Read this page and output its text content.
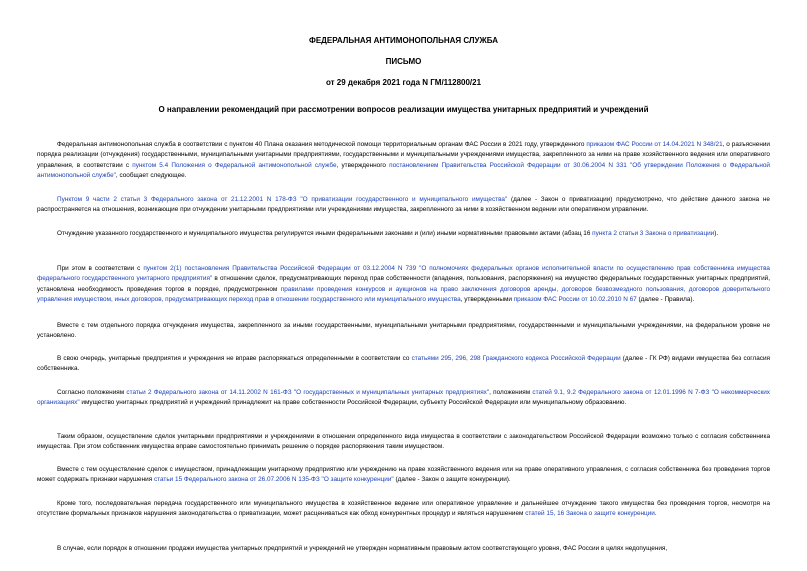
ФЕДЕРАЛЬНАЯ АНТИМОНОПОЛЬНАЯ СЛУЖБА
ПИСЬМО
от 29 декабря 2021 года N ГМ/112800/21
О направлении рекомендаций при рассмотрении вопросов реализации имущества унитарных предприятий и учреждений
Федеральная антимонопольная служба в соответствии с пунктом 40 Плана оказания методической помощи территориальным органам ФАС России в 2021 году, утвержденного приказом ФАС России от 14.04.2021 N 348/21, о разъяснении порядка реализации (отчуждения) государственными, муниципальными унитарными предприятиями, государственными и муниципальными учреждениями имущества, закрепленного за ними на праве хозяйственного ведения или оперативного управления, в соответствии с пунктом 5.4 Положения о Федеральной антимонопольной службе, утвержденного постановлением Правительства Российской Федерации от 30.06.2004 N 331 "Об утверждении Положения о Федеральной антимонопольной службе", сообщает следующее.
Пунктом 9 части 2 статьи 3 Федерального закона от 21.12.2001 N 178-ФЗ "О приватизации государственного и муниципального имущества" (далее - Закон о приватизации) предусмотрено, что действие данного закона не распространяется на отношения, возникающие при отчуждении унитарными предприятиями или учреждениями имущества, закрепленного за ними в хозяйственном ведении или оперативном управлении.
Отчуждение указанного государственного и муниципального имущества регулируется иными федеральными законами и (или) иными нормативными правовыми актами (абзац 16 пункта 2 статьи 3 Закона о приватизации).
При этом в соответствии с пунктом 2(1) постановления Правительства Российской Федерации от 03.12.2004 N 739 "О полномочиях федеральных органов исполнительной власти по осуществлению прав собственника имущества федерального государственного унитарного предприятия" в отношении сделок, предусматривающих переход прав собственности (владения, пользования, распоряжения) на имущество федеральных государственных унитарных предприятий, установлена необходимость проведения торгов в порядке, предусмотренном правилами проведения конкурсов и аукционов на право заключения договоров аренды, договоров безвозмездного пользования, договоров доверительного управления имуществом, иных договоров, предусматривающих переход прав в отношении государственного или муниципального имущества, утвержденными приказом ФАС России от 10.02.2010 N 67 (далее - Правила).
Вместе с тем отдельного порядка отчуждения имущества, закрепленного за иными государственными, муниципальными унитарными предприятиями, государственными и муниципальными учреждениями, на федеральном уровне не установлено.
В свою очередь, унитарные предприятия и учреждения не вправе распоряжаться определенными в соответствии со статьями 295, 296, 298 Гражданского кодекса Российской Федерации (далее - ГК РФ) видами имущества без согласия собственника.
Согласно положениям статьи 2 Федерального закона от 14.11.2002 N 161-ФЗ "О государственных и муниципальных унитарных предприятиях", положениям статей 9.1, 9.2 Федерального закона от 12.01.1996 N 7-ФЗ "О некоммерческих организациях" имущество унитарных предприятий и учреждений принадлежит на праве собственности Российской Федерации, субъекту Российской Федерации или муниципальному образованию.
Таким образом, осуществление сделок унитарными предприятиями и учреждениями в отношении определенного вида имущества в соответствии с законодательством Российской Федерации возможно только с согласия собственника имущества. При этом собственник имущества вправе самостоятельно принимать решение о порядке распоряжения таким имуществом.
Вместе с тем осуществление сделок с имуществом, принадлежащим унитарному предприятию или учреждению на праве хозяйственного ведения или на праве оперативного управления, с согласия собственника без проведения торгов может содержать признаки нарушения статьи 15 Федерального закона от 26.07.2006 N 135-ФЗ "О защите конкуренции" (далее - Закон о защите конкуренции).
Кроме того, последовательная передача государственного или муниципального имущества в хозяйственное ведение или оперативное управление и дальнейшее отчуждение такого имущества без проведения торгов, несмотря на отсутствие формальных признаков нарушения законодательства о приватизации, может расцениваться как обход конкурентных процедур и являться нарушением статей 15, 16 Закона о защите конкуренции.
В случае, если порядок в отношении продажи имущества унитарных предприятий и учреждений не утвержден нормативным правовым актом соответствующего уровня, ФАС России в целях недопущения,
